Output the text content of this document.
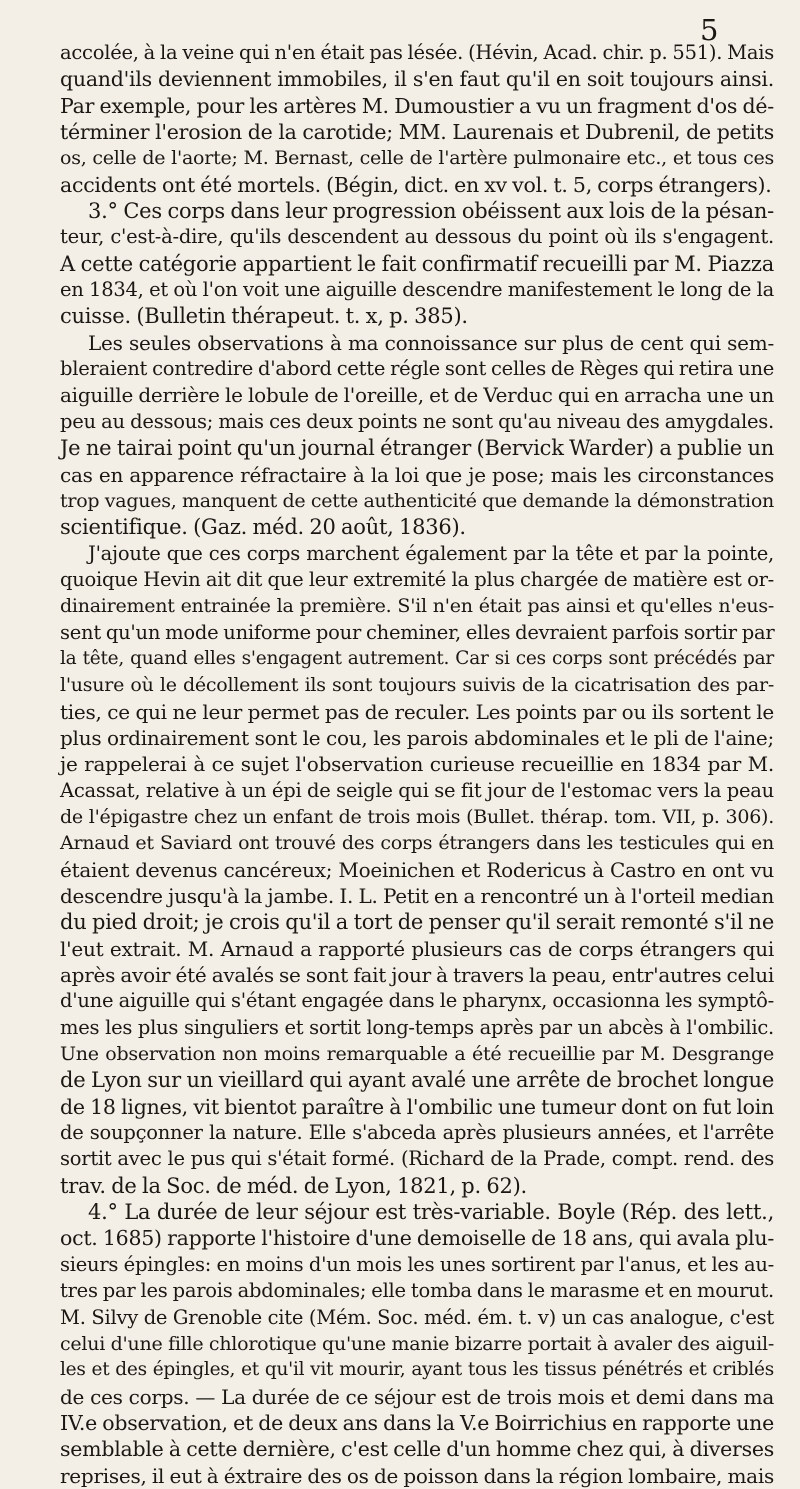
5
accolée, à la veine qui n'en était pas lésée. (Hévin, Acad. chir. p. 551). Mais
quand'ils deviennent immobiles, il s'en faut qu'il en soit toujours ainsi.
Par exemple, pour les artères M. Dumoustier a vu un fragment d'os dé-
términer l'erosion de la carotide; MM. Laurenais et Dubrenil, de petits
os, celle de l'aorte; M. Bernast, celle de l'artère pulmonaire etc., et tous ces
accidents ont été mortels. (Bégin, dict. en xv vol. t. 5, corps étrangers).
3.° Ces corps dans leur progression obéissent aux lois de la pésan-
teur, c'est-à-dire, qu'ils descendent au dessous du point où ils s'engagent.
A cette catégorie appartient le fait confirmatif recueilli par M. Piazza
en 1834, et où l'on voit une aiguille descendre manifestement le long de la
cuisse. (Bulletin thérapeut. t. x, p. 385).
Les seules observations à ma connoissance sur plus de cent qui sem-
bleraient contredire d'abord cette régle sont celles de Règes qui retira une
aiguille derrière le lobule de l'oreille, et de Verduc qui en arracha une un
peu au dessous; mais ces deux points ne sont qu'au niveau des amygdales.
Je ne tairai point qu'un journal étranger (Bervick Warder) a publie un
cas en apparence réfractaire à la loi que je pose; mais les circonstances
trop vagues, manquent de cette authenticité que demande la démonstration
scientifique. (Gaz. méd. 20 août, 1836).
J'ajoute que ces corps marchent également par la tête et par la pointe,
quoique Hevin ait dit que leur extremité la plus chargée de matière est or-
dinairement entrainée la première. S'il n'en était pas ainsi et qu'elles n'eus-
sent qu'un mode uniforme pour cheminer, elles devraient parfois sortir par
la tête, quand elles s'engagent autrement. Car si ces corps sont précédés par
l'usure où le décollement ils sont toujours suivis de la cicatrisation des par-
ties, ce qui ne leur permet pas de reculer. Les points par ou ils sortent le
plus ordinairement sont le cou, les parois abdominales et le pli de l'aine;
je rappelerai à ce sujet l'observation curieuse recueillie en 1834 par M.
Acassat, relative à un épi de seigle qui se fit jour de l'estomac vers la peau
de l'épigastre chez un enfant de trois mois (Bullet. thérap. tom. VII, p. 306).
Arnaud et Saviard ont trouvé des corps étrangers dans les testicules qui en
étaient devenus cancéreux; Moeinichen et Rodericus à Castro en ont vu
descendre jusqu'à la jambe. I. L. Petit en a rencontré un à l'orteil median
du pied droit; je crois qu'il a tort de penser qu'il serait remonté s'il ne
l'eut extrait. M. Arnaud a rapporté plusieurs cas de corps étrangers qui
après avoir été avalés se sont fait jour à travers la peau, entr'autres celui
d'une aiguille qui s'étant engagée dans le pharynx, occasionna les symptô-
mes les plus singuliers et sortit long-temps après par un abcès à l'ombilic.
Une observation non moins remarquable a été recueillie par M. Desgrange
de Lyon sur un vieillard qui ayant avalé une arrête de brochet longue
de 18 lignes, vit bientot paraître à l'ombilic une tumeur dont on fut loin
de soupçonner la nature. Elle s'abceda après plusieurs années, et l'arrête
sortit avec le pus qui s'était formé. (Richard de la Prade, compt. rend. des
trav. de la Soc. de méd. de Lyon, 1821, p. 62).
4.° La durée de leur séjour est très-variable. Boyle (Rép. des lett.,
oct. 1685) rapporte l'histoire d'une demoiselle de 18 ans, qui avala plu-
sieurs épingles: en moins d'un mois les unes sortirent par l'anus, et les au-
tres par les parois abdominales; elle tomba dans le marasme et en mourut.
M. Silvy de Grenoble cite (Mém. Soc. méd. ém. t. v) un cas analogue, c'est
celui d'une fille chlorotique qu'une manie bizarre portait à avaler des aiguil-
les et des épingles, et qu'il vit mourir, ayant tous les tissus pénétrés et criblés
de ces corps. — La durée de ce séjour est de trois mois et demi dans ma
IV.e observation, et de deux ans dans la V.e Boirrichius en rapporte une
semblable à cette dernière, c'est celle d'un homme chez qui, à diverses
reprises, il eut à éxtraire des os de poisson dans la région lombaire, mais
